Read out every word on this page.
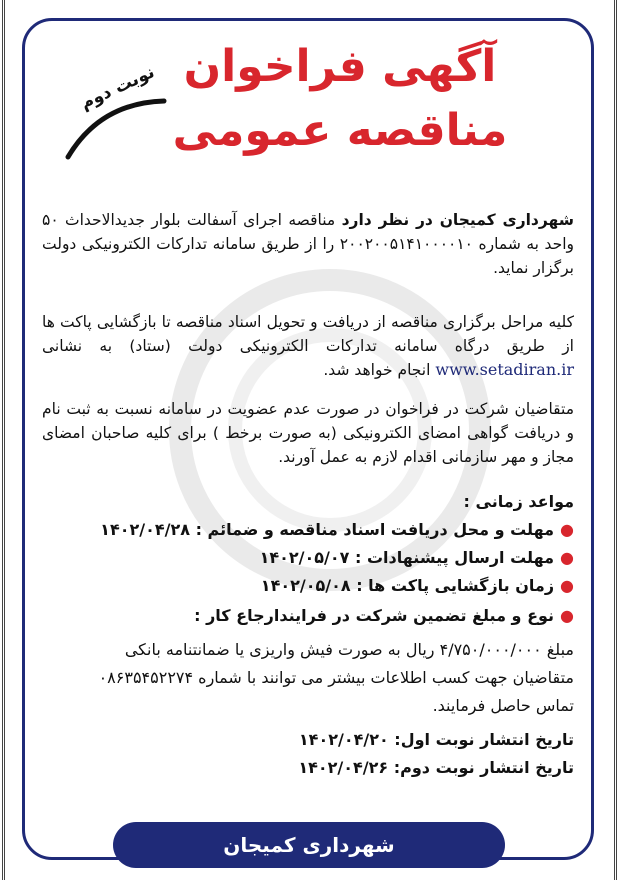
نوبت دوم آگهی فراخوان
مناقصه عمومی
شهرداری کمیجان در نظر دارد مناقصه اجرای آسفالت بلوار جدیدالاحداث ۵۰ واحد به شماره ۲۰۰۲۰۰۵۱۴۱۰۰۰۰۱۰ را از طریق سامانه تدارکات الکترونیکی دولت برگزار نماید.
کلیه مراحل برگزاری مناقصه از دریافت و تحویل اسناد مناقصه تا بازگشایی پاکت ها از طریق درگاه سامانه تدارکات الکترونیکی دولت (ستاد) به نشانی www.setadiran.ir انجام خواهد شد.
متقاضیان شرکت در فراخوان در صورت عدم عضویت در سامانه نسبت به ثبت نام و دریافت گواهی امضای الکترونیکی (به صورت برخط ) برای کلیه صاحبان امضای مجاز و مهر سازمانی اقدام لازم به عمل آورند.
مواعد زمانی :
●مهلت و محل دریافت اسناد مناقصه و ضمائم : ۱۴۰۲/۰۴/۲۸
●مهلت ارسال پیشنهادات : ۱۴۰۲/۰۵/۰۷
●زمان بازگشایی پاکت ها : ۱۴۰۲/۰۵/۰۸
●نوع و مبلغ تضمین شرکت در فرایندارجاع کار :
مبلغ ۴/۷۵۰/۰۰۰/۰۰۰ ریال به صورت فیش واریزی یا ضمانتنامه بانکی
متقاضیان جهت کسب اطلاعات بیشتر می توانند با شماره ۰۸۶۳۵۴۵۲۲۷۴
تماس حاصل فرمایند.
تاریخ انتشار نوبت اول: ۱۴۰۲/۰۴/۲۰
تاریخ انتشار نوبت دوم: ۱۴۰۲/۰۴/۲۶
شهرداری کمیجان
